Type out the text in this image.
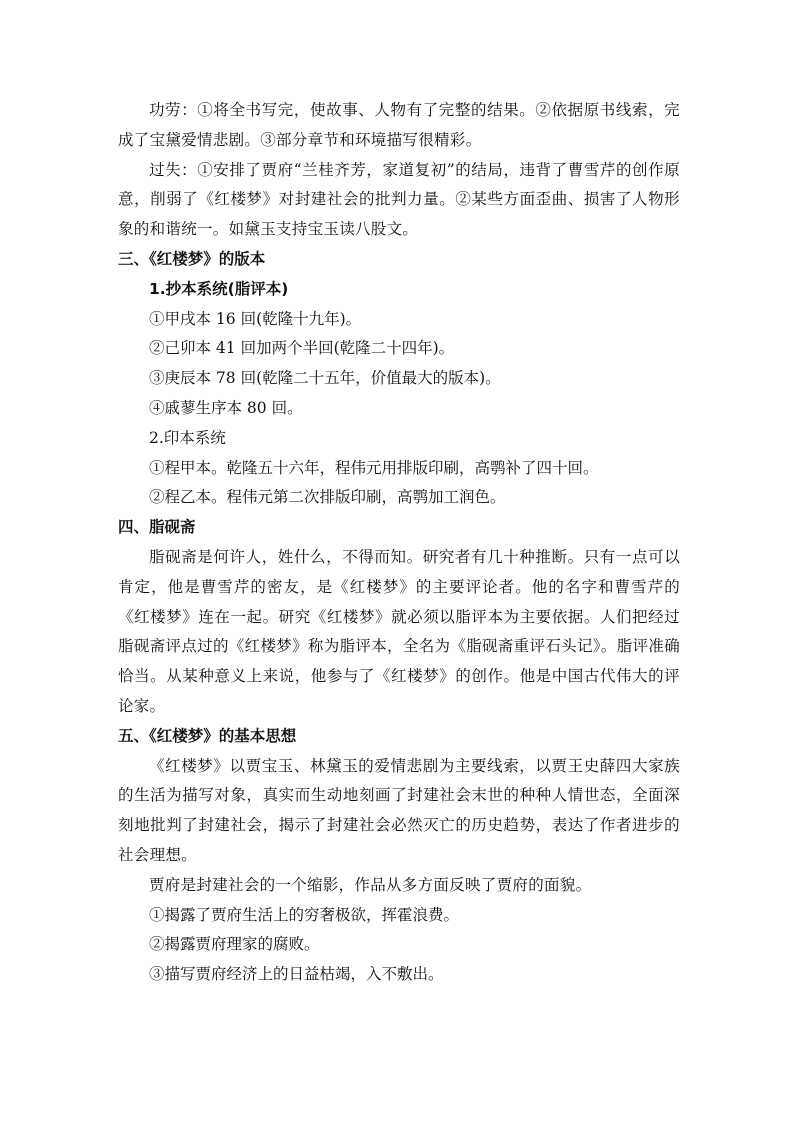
功劳：①将全书写完，使故事、人物有了完整的结果。②依据原书线索，完成了宝黛爱情悲剧。③部分章节和环境描写很精彩。

过失：①安排了贾府“兰桂齐芳，家道复初”的结局，违背了曹雪芹的创作原意，削弱了《红楼梦》对封建社会的批判力量。②某些方面歪曲、损害了人物形象的和谐统一。如黛玉支持宝玉读八股文。

三、《红楼梦》的版本

1.抄本系统(脂评本)

①甲戌本 16 回(乾隆十九年)。

②己卯本 41 回加两个半回(乾隆二十四年)。

③庚辰本 78 回(乾隆二十五年，价值最大的版本)。

④戚蓼生序本 80 回。

2.印本系统

①程甲本。乾隆五十六年，程伟元用排版印刷，高鹗补了四十回。

②程乙本。程伟元第二次排版印刷，高鹗加工润色。

四、脂砚斋

脂砚斋是何许人，姓什么，不得而知。研究者有几十种推断。只有一点可以肯定，他是曹雪芹的密友，是《红楼梦》的主要评论者。他的名字和曹雪芹的《红楼梦》连在一起。研究《红楼梦》就必须以脂评本为主要依据。人们把经过脂砚斋评点过的《红楼梦》称为脂评本，全名为《脂砚斋重评石头记》。脂评准确恰当。从某种意义上来说，他参与了《红楼梦》的创作。他是中国古代伟大的评论家。

五、《红楼梦》的基本思想

《红楼梦》以贾宝玉、林黛玉的爱情悲剧为主要线索，以贾王史薛四大家族的生活为描写对象，真实而生动地刻画了封建社会末世的种种人情世态，全面深刻地批判了封建社会，揭示了封建社会必然灭亡的历史趋势，表达了作者进步的社会理想。

贾府是封建社会的一个缩影，作品从多方面反映了贾府的面貌。

①揭露了贾府生活上的穷奢极欲，挥霍浪费。

②揭露贾府理家的腐败。

③描写贾府经济上的日益枯竭，入不敷出。
